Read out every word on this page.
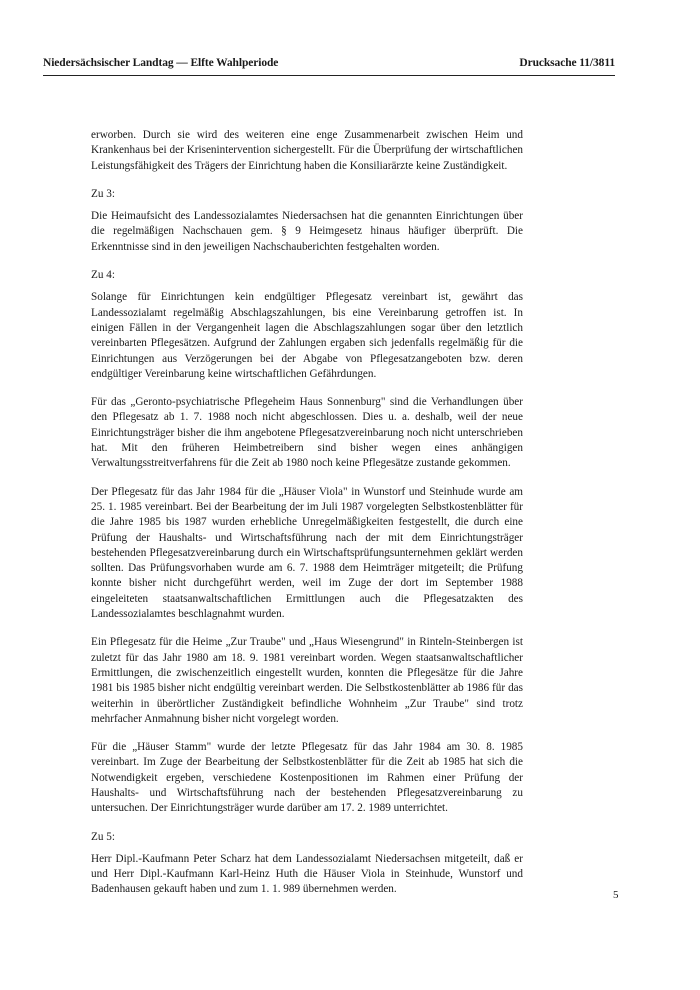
Niedersächsischer Landtag — Elfte Wahlperiode	Drucksache 11/3811

erworben. Durch sie wird des weiteren eine enge Zusammenarbeit zwischen Heim und Krankenhaus bei der Krisenintervention sichergestellt. Für die Überprüfung der wirtschaftlichen Leistungsfähigkeit des Trägers der Einrichtung haben die Konsiliarärzte keine Zuständigkeit.

Zu 3:

Die Heimaufsicht des Landessozialamtes Niedersachsen hat die genannten Einrichtungen über die regelmäßigen Nachschauen gem. § 9 Heimgesetz hinaus häufiger überprüft. Die Erkenntnisse sind in den jeweiligen Nachschauberichten festgehalten worden.

Zu 4:

Solange für Einrichtungen kein endgültiger Pflegesatz vereinbart ist, gewährt das Landessozialamt regelmäßig Abschlagszahlungen, bis eine Vereinbarung getroffen ist. In einigen Fällen in der Vergangenheit lagen die Abschlagszahlungen sogar über den letztlich vereinbarten Pflegesätzen. Aufgrund der Zahlungen ergaben sich jedenfalls regelmäßig für die Einrichtungen aus Verzögerungen bei der Abgabe von Pflegesatzangeboten bzw. deren endgültiger Vereinbarung keine wirtschaftlichen Gefährdungen.

Für das „Geronto-psychiatrische Pflegeheim Haus Sonnenburg" sind die Verhandlungen über den Pflegesatz ab 1. 7. 1988 noch nicht abgeschlossen. Dies u. a. deshalb, weil der neue Einrichtungsträger bisher die ihm angebotene Pflegesatzvereinbarung noch nicht unterschrieben hat. Mit den früheren Heimbetreibern sind bisher wegen eines anhängigen Verwaltungsstreitverfahrens für die Zeit ab 1980 noch keine Pflegesätze zustande gekommen.

Der Pflegesatz für das Jahr 1984 für die „Häuser Viola" in Wunstorf und Steinhude wurde am 25. 1. 1985 vereinbart. Bei der Bearbeitung der im Juli 1987 vorgelegten Selbstkostenblätter für die Jahre 1985 bis 1987 wurden erhebliche Unregelmäßigkeiten festgestellt, die durch eine Prüfung der Haushalts- und Wirtschaftsführung nach der mit dem Einrichtungsträger bestehenden Pflegesatzvereinbarung durch ein Wirtschaftsprüfungsunternehmen geklärt werden sollten. Das Prüfungsvorhaben wurde am 6. 7. 1988 dem Heimträger mitgeteilt; die Prüfung konnte bisher nicht durchgeführt werden, weil im Zuge der dort im September 1988 eingeleiteten staatsanwaltschaftlichen Ermittlungen auch die Pflegesatzakten des Landessozialamtes beschlagnahmt wurden.

Ein Pflegesatz für die Heime „Zur Traube" und „Haus Wiesengrund" in Rinteln-Steinbergen ist zuletzt für das Jahr 1980 am 18. 9. 1981 vereinbart worden. Wegen staatsanwaltschaftlicher Ermittlungen, die zwischenzeitlich eingestellt wurden, konnten die Pflegesätze für die Jahre 1981 bis 1985 bisher nicht endgültig vereinbart werden. Die Selbstkostenblätter ab 1986 für das weiterhin in überörtlicher Zuständigkeit befindliche Wohnheim „Zur Traube" sind trotz mehrfacher Anmahnung bisher nicht vorgelegt worden.

Für die „Häuser Stamm" wurde der letzte Pflegesatz für das Jahr 1984 am 30. 8. 1985 vereinbart. Im Zuge der Bearbeitung der Selbstkostenblätter für die Zeit ab 1985 hat sich die Notwendigkeit ergeben, verschiedene Kostenpositionen im Rahmen einer Prüfung der Haushalts- und Wirtschaftsführung nach der bestehenden Pflegesatzvereinbarung zu untersuchen. Der Einrichtungsträger wurde darüber am 17. 2. 1989 unterrichtet.

Zu 5:

Herr Dipl.-Kaufmann Peter Scharz hat dem Landessozialamt Niedersachsen mitgeteilt, daß er und Herr Dipl.-Kaufmann Karl-Heinz Huth die Häuser Viola in Steinhude, Wunstorf und Badenhausen gekauft haben und zum 1. 1. 989 übernehmen werden.	5
